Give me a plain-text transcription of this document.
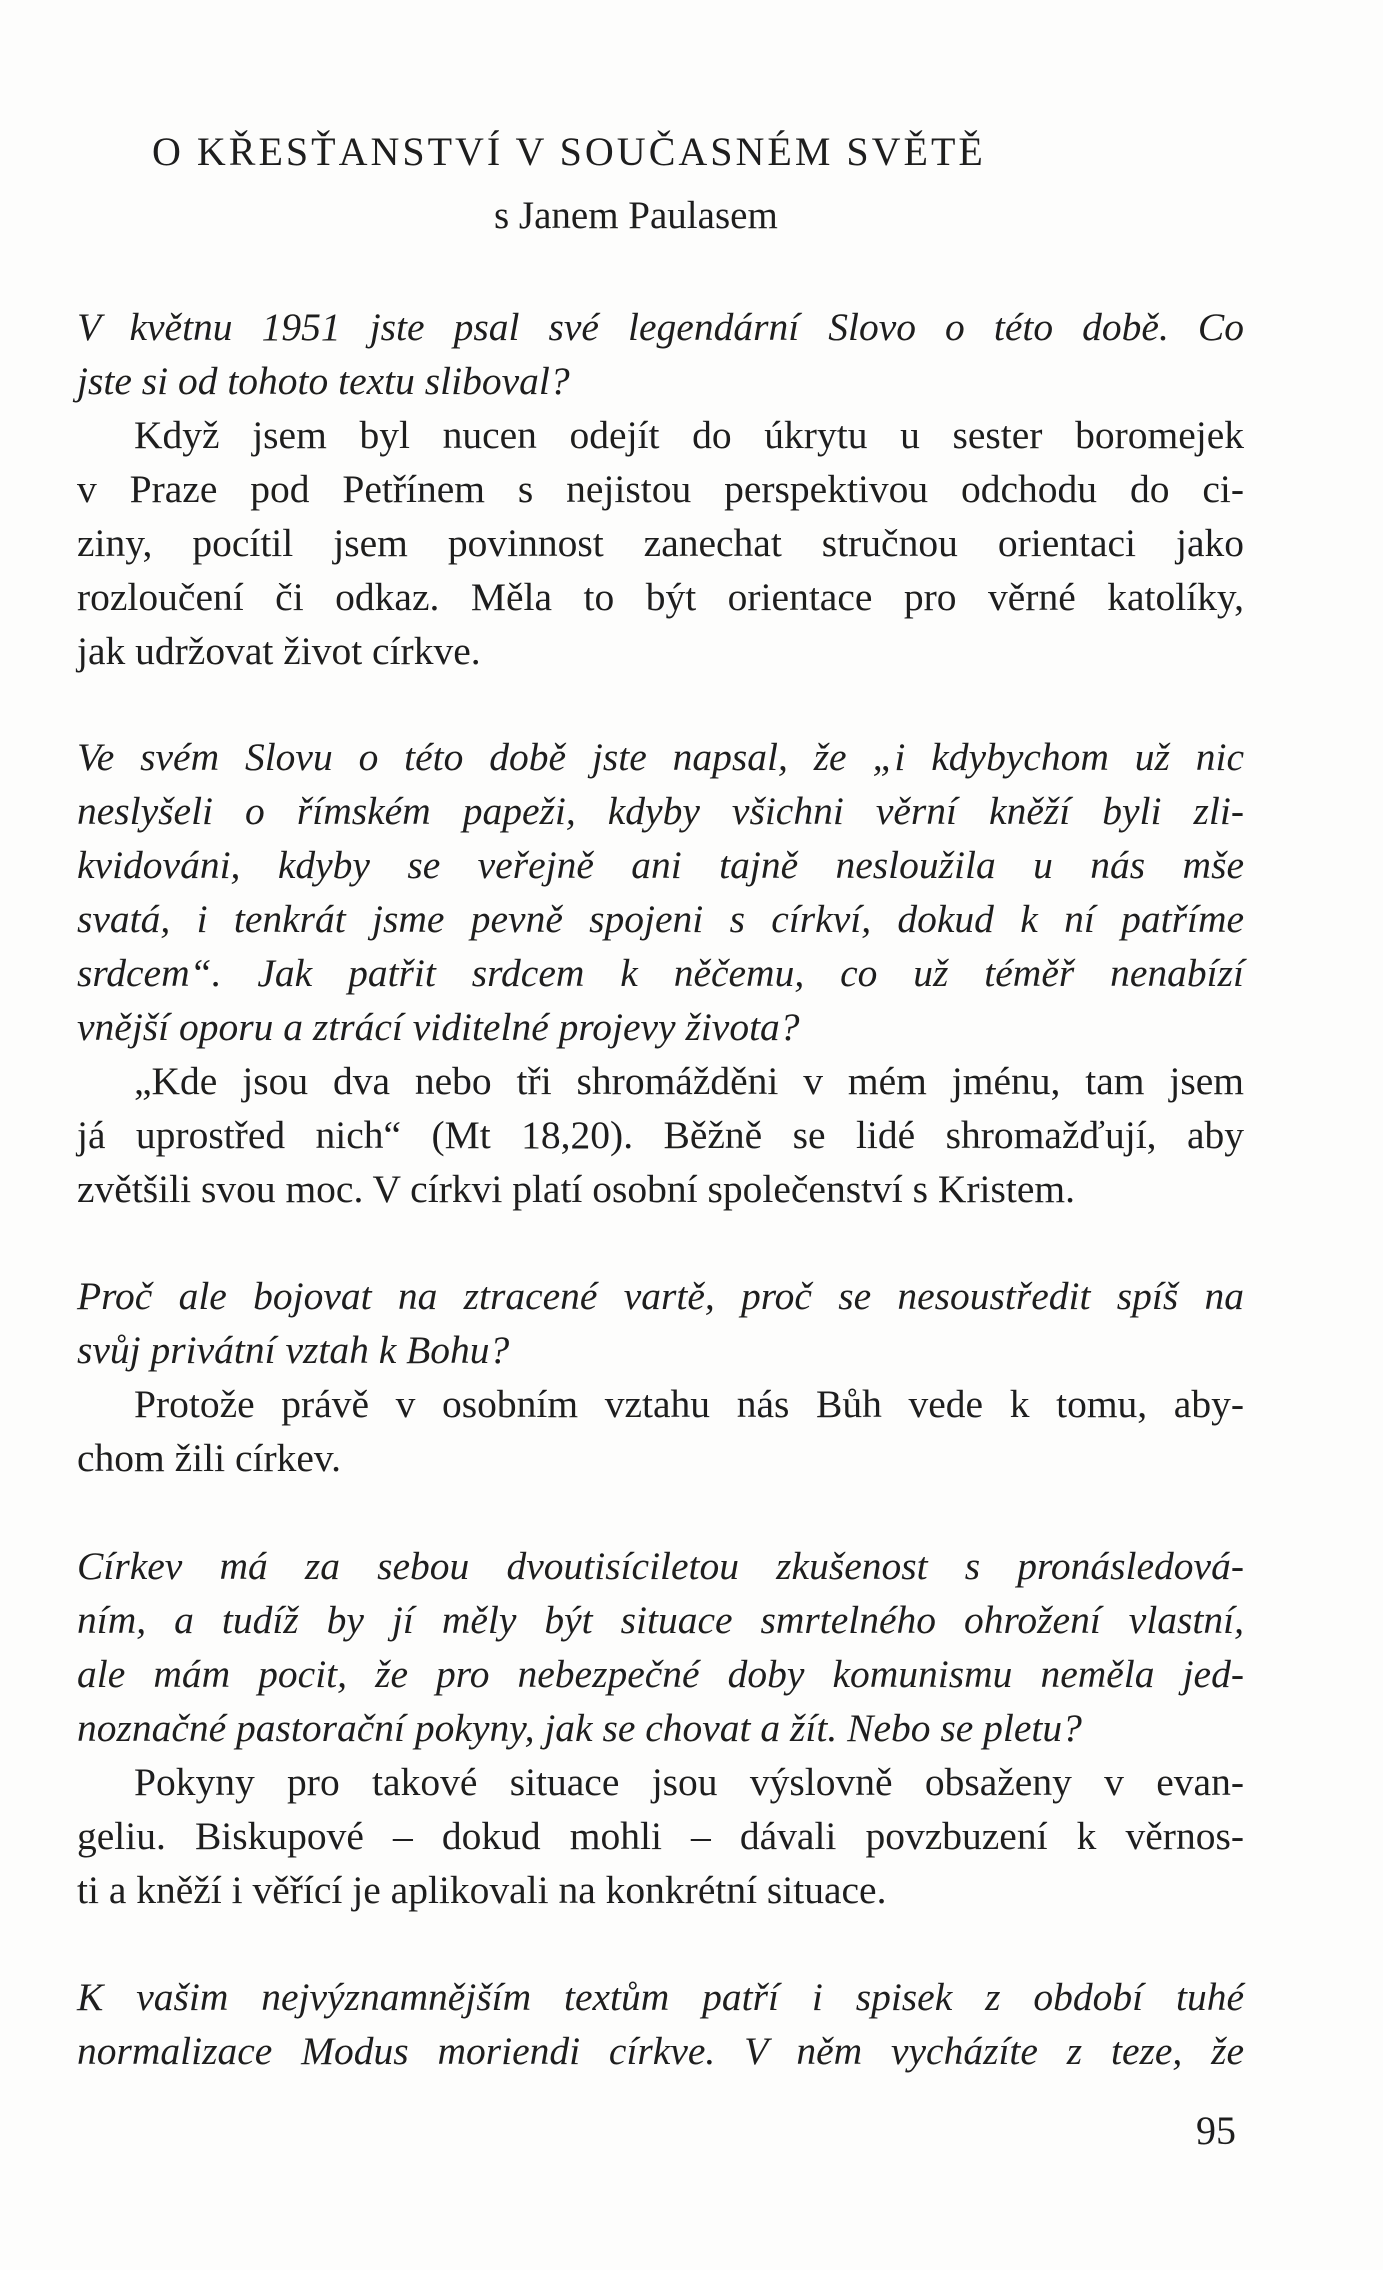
O KŘESŤANSTVÍ V SOUČASNÉM SVĚTĚ
s Janem Paulasem
V květnu 1951 jste psal své legendární Slovo o této době. Co
jste si od tohoto textu sliboval?
Když jsem byl nucen odejít do úkrytu u sester boromejek
v Praze pod Petřínem s nejistou perspektivou odchodu do ci-
ziny, pocítil jsem povinnost zanechat stručnou orientaci jako
rozloučení či odkaz. Měla to být orientace pro věrné katolíky,
jak udržovat život církve.
Ve svém Slovu o této době jste napsal, že „i kdybychom už nic
neslyšeli o římském papeži, kdyby všichni věrní kněží byli zli-
kvidováni, kdyby se veřejně ani tajně nesloužila u nás mše
svatá, i tenkrát jsme pevně spojeni s církví, dokud k ní patříme
srdcem“. Jak patřit srdcem k něčemu, co už téměř nenabízí
vnější oporu a ztrácí viditelné projevy života?
„Kde jsou dva nebo tři shromážděni v mém jménu, tam jsem
já uprostřed nich“ (Mt 18,20). Běžně se lidé shromažďují, aby
zvětšili svou moc. V církvi platí osobní společenství s Kristem.
Proč ale bojovat na ztracené vartě, proč se nesoustředit spíš na
svůj privátní vztah k Bohu?
Protože právě v osobním vztahu nás Bůh vede k tomu, aby-
chom žili církev.
Církev má za sebou dvoutisíciletou zkušenost s pronásledová-
ním, a tudíž by jí měly být situace smrtelného ohrožení vlastní,
ale mám pocit, že pro nebezpečné doby komunismu neměla jed-
noznačné pastorační pokyny, jak se chovat a žít. Nebo se pletu?
Pokyny pro takové situace jsou výslovně obsaženy v evan-
geliu. Biskupové – dokud mohli – dávali povzbuzení k věrnos-
ti a kněží i věřící je aplikovali na konkrétní situace.
K vašim nejvýznamnějším textům patří i spisek z období tuhé
normalizace Modus moriendi církve. V něm vycházíte z teze, že
95
